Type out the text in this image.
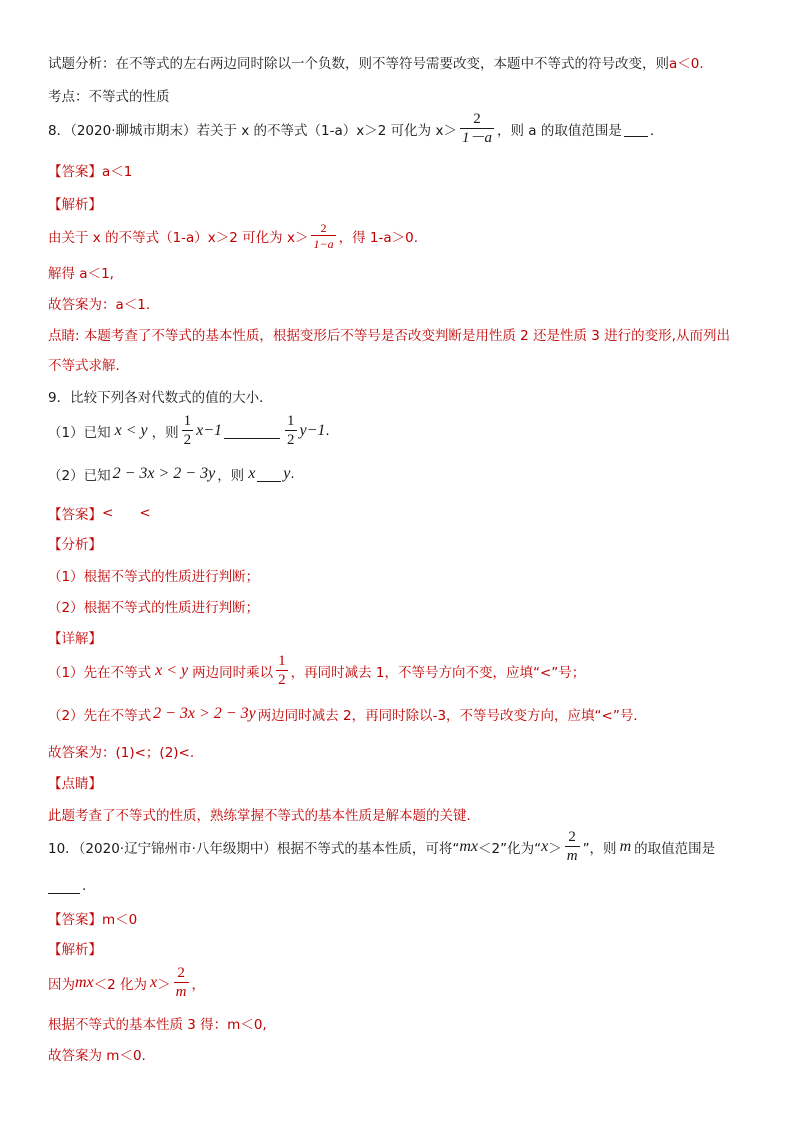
试题分析：在不等式的左右两边同时除以一个负数，则不等符号需要改变，本题中不等式的符号改变，则 a＜0.
考点：不等式的性质
8．（2020·聊城市期末）若关于 x 的不等式（1-a）x＞2 可化为 $x> \frac{2}{1-a}$ ，则 a 的取值范围是 ．
【答案】 a＜1
【解析】
由关于 x 的不等式（1-a）x＞2 可化为 $x> \frac{2}{1-a}$ ，得 1-a＞0.
解得 a＜1,
故答案为：a＜1.
点睛: 本题考查了不等式的基本性质，根据变形后不等号是否改变判断是用性质 2 还是性质 3 进行的变形,从而列出
不等式求解.
9．比较下列各对代数式的值的大小．
（1）已知 x < y ，则 $\frac{1}{2} x-1$	$\frac{1}{2} y-1$ .
（2）已知 2 − 3x > 2 − 3y ，则 x y .
【答案】 < <
【分析】
（1）根据不等式的性质进行判断；
（2）根据不等式的性质进行判断；
【详解】
（1）先在不等式 x < y 两边同时乘以 $\frac{1}{2}$ ，再同时减去 1，不等号方向不变，应填“<”号；
（2）先在不等式 2 − 3x > 2 − 3y 两边同时减去 2，再同时除以-3，不等号改变方向，应填“<”号．
故答案为：(1)<；(2)<.
【点睛】
此题考查了不等式的性质，熟练掌握不等式的基本性质是解本题的关键．
10．（2020·辽宁锦州市·八年级期中）根据不等式的基本性质，可将“ mx ＜2”化为“ $x > \frac{2}{m}$ ”，则 m 的取值范围是
.
【答案】 m＜0
【解析】
因为 mx ＜2 化为 $x > \frac{2}{m}$ ，
根据不等式的基本性质 3 得：m＜0,
故答案为 m＜0.
